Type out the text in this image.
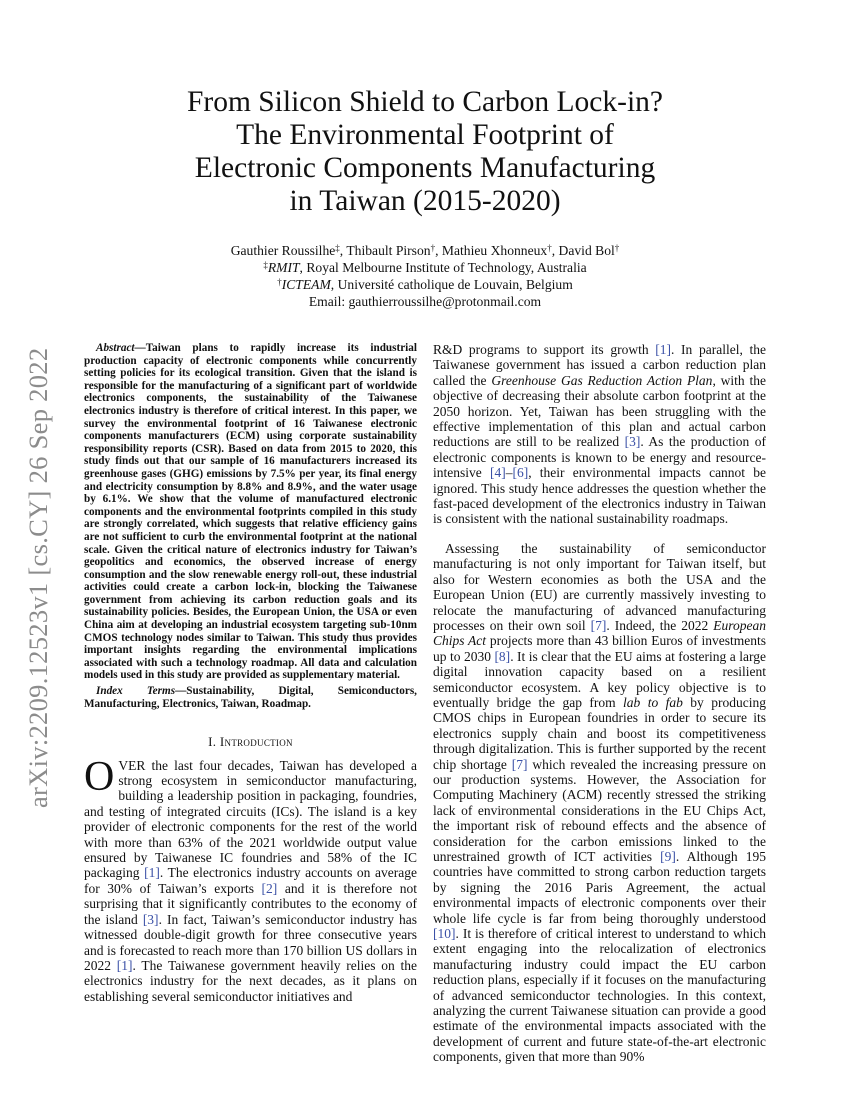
arXiv:2209.12523v1 [cs.CY] 26 Sep 2022
From Silicon Shield to Carbon Lock-in?
The Environmental Footprint of
Electronic Components Manufacturing
in Taiwan (2015-2020)
Gauthier Roussilhe‡, Thibault Pirson†, Mathieu Xhonneux†, David Bol†
‡RMIT, Royal Melbourne Institute of Technology, Australia
†ICTEAM, Université catholique de Louvain, Belgium
Email: gauthierroussilhe@protonmail.com

Abstract—Taiwan plans to rapidly increase its industrial production capacity of electronic components while concurrently setting policies for its ecological transition. Given that the island is responsible for the manufacturing of a significant part of worldwide electronics components, the sustainability of the Taiwanese electronics industry is therefore of critical interest. In this paper, we survey the environmental footprint of 16 Taiwanese electronic components manufacturers (ECM) using corporate sustainability responsibility reports (CSR). Based on data from 2015 to 2020, this study finds out that our sample of 16 manufacturers increased its greenhouse gases (GHG) emissions by 7.5% per year, its final energy and electricity consumption by 8.8% and 8.9%, and the water usage by 6.1%. We show that the volume of manufactured electronic components and the environmental footprints compiled in this study are strongly correlated, which suggests that relative efficiency gains are not sufficient to curb the environmental footprint at the national scale. Given the critical nature of electronics industry for Taiwan’s geopolitics and economics, the observed increase of energy consumption and the slow renewable energy roll-out, these industrial activities could create a carbon lock-in, blocking the Taiwanese government from achieving its carbon reduction goals and its sustainability policies. Besides, the European Union, the USA or even China aim at developing an industrial ecosystem targeting sub-10nm CMOS technology nodes similar to Taiwan. This study thus provides important insights regarding the environmental implications associated with such a technology roadmap. All data and calculation models used in this study are provided as supplementary material.

Index Terms—Sustainability, Digital, Semiconductors, Manufacturing, Electronics, Taiwan, Roadmap.

I. Introduction

OVER the last four decades, Taiwan has developed a strong ecosystem in semiconductor manufacturing, building a leadership position in packaging, foundries, and testing of integrated circuits (ICs). The island is a key provider of electronic components for the rest of the world with more than 63% of the 2021 worldwide output value ensured by Taiwanese IC foundries and 58% of the IC packaging [1]. The electronics industry accounts on average for 30% of Taiwan’s exports [2] and it is therefore not surprising that it significantly contributes to the economy of the island [3]. In fact, Taiwan’s semiconductor industry has witnessed double-digit growth for three consecutive years and is forecasted to reach more than 170 billion US dollars in 2022 [1]. The Taiwanese government heavily relies on the electronics industry for the next decades, as it plans on establishing several semiconductor initiatives and

R&D programs to support its growth [1]. In parallel, the Taiwanese government has issued a carbon reduction plan called the Greenhouse Gas Reduction Action Plan, with the objective of decreasing their absolute carbon footprint at the 2050 horizon. Yet, Taiwan has been struggling with the effective implementation of this plan and actual carbon reductions are still to be realized [3]. As the production of electronic components is known to be energy and resource-intensive [4]–[6], their environmental impacts cannot be ignored. This study hence addresses the question whether the fast-paced development of the electronics industry in Taiwan is consistent with the national sustainability roadmaps.

Assessing the sustainability of semiconductor manufacturing is not only important for Taiwan itself, but also for Western economies as both the USA and the European Union (EU) are currently massively investing to relocate the manufacturing of advanced manufacturing processes on their own soil [7]. Indeed, the 2022 European Chips Act projects more than 43 billion Euros of investments up to 2030 [8]. It is clear that the EU aims at fostering a large digital innovation capacity based on a resilient semiconductor ecosystem. A key policy objective is to eventually bridge the gap from lab to fab by producing CMOS chips in European foundries in order to secure its electronics supply chain and boost its competitiveness through digitalization. This is further supported by the recent chip shortage [7] which revealed the increasing pressure on our production systems. However, the Association for Computing Machinery (ACM) recently stressed the striking lack of environmental considerations in the EU Chips Act, the important risk of rebound effects and the absence of consideration for the carbon emissions linked to the unrestrained growth of ICT activities [9]. Although 195 countries have committed to strong carbon reduction targets by signing the 2016 Paris Agreement, the actual environmental impacts of electronic components over their whole life cycle is far from being thoroughly understood [10]. It is therefore of critical interest to understand to which extent engaging into the relocalization of electronics manufacturing industry could impact the EU carbon reduction plans, especially if it focuses on the manufacturing of advanced semiconductor technologies. In this context, analyzing the current Taiwanese situation can provide a good estimate of the environmental impacts associated with the development of current and future state-of-the-art electronic components, given that more than 90%
